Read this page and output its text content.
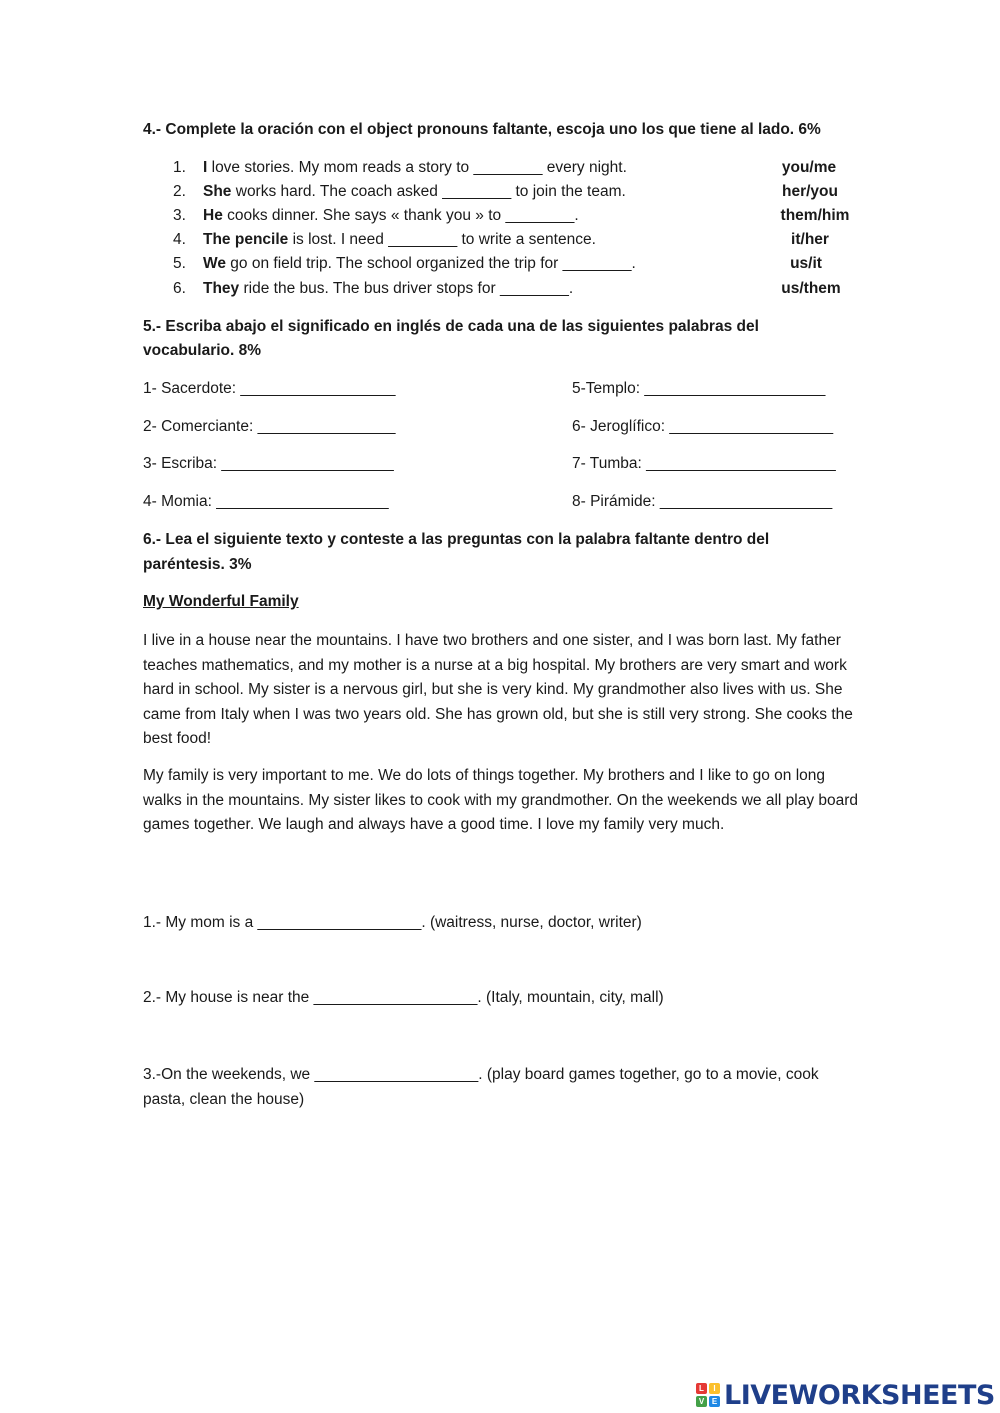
4.- Complete la oración con el object pronouns faltante, escoja uno los que tiene al lado. 6%
1.	I love stories. My mom reads a story to ________ every night.	you/me
2.	She works hard. The coach asked ________ to join the team.	her/you
3.	He cooks dinner. She says « thank you » to ________.	them/him
4.	The pencile is lost. I need ________ to write a sentence.	it/her
5.	We go on field trip. The school organized the trip for ________.	us/it
6.	They ride the bus. The bus driver stops for ________.	us/them
5.- Escriba abajo el significado en inglés de cada una de las siguientes palabras del
vocabulario. 8%
1- Sacerdote: __________________
2- Comerciante: ________________
3- Escriba: ____________________
4- Momia: ____________________
5-Templo: _____________________
6- Jeroglífico: ___________________
7- Tumba: ______________________
8- Pirámide: ____________________
6.- Lea el siguiente texto y conteste a las preguntas con la palabra faltante dentro del
paréntesis. 3%
My Wonderful Family
I live in a house near the mountains. I have two brothers and one sister, and I was born last. My father teaches mathematics, and my mother is a nurse at a big hospital. My brothers are very smart and work hard in school. My sister is a nervous girl, but she is very kind. My grandmother also lives with us. She came from Italy when I was two years old. She has grown old, but she is still very strong. She cooks the best food!
My family is very important to me. We do lots of things together. My brothers and I like to go on long walks in the mountains. My sister likes to cook with my grandmother. On the weekends we all play board games together. We laugh and always have a good time. I love my family very much.
1.- My mom is a ___________________. (waitress, nurse, doctor, writer)
2.- My house is near the ___________________. (Italy, mountain, city, mall)
3.-On the weekends, we ___________________. (play board games together, go to a movie, cook pasta, clean the house)
L	I
V E LIVEWORKSHEETS
